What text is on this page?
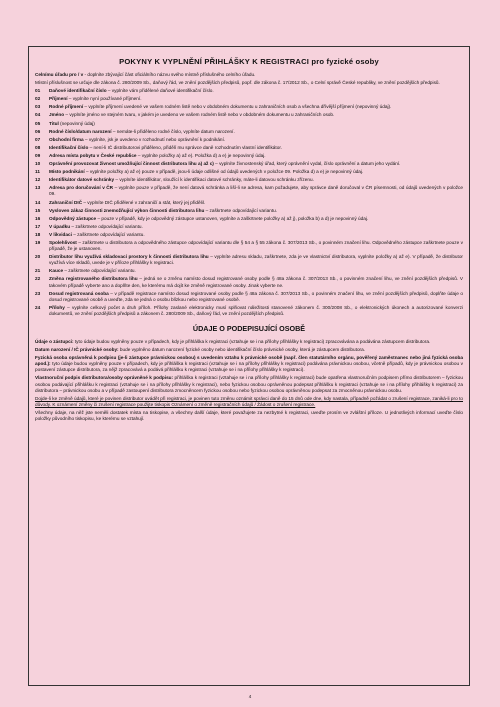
POKYNY K VYPLNĚNÍ PŘIHLÁŠKY K REGISTRACI pro fyzické osoby

Celnímu úřadu pro / v - doplníte zbývající část oficiálního názvu svého místně příslušného celního úřadu.

Místní příslušnost se určuje dle zákona č. 280/2009 Sb., daňový řád, ve znění pozdějších předpisů, popř. dle zákona č. 17/2012 Sb., o Celní správě České republiky, ve znění pozdějších předpisů.

01	Daňové identifikační číslo – vyplníte vám přidělené daňové identifikační číslo.
02	Příjmení – vyplníte nyní používané příjmení.
03	Rodné příjmení – vyplníte příjmení uvedené ve vašem rodném listě nebo v obdobném dokumentu u zahraničních osob a všechna dřívější příjmení (nepovinný údaj).
04	Jméno – vyplníte jméno ve stejném tvaru, v jakém je uvedeno ve vašem rodném listě nebo v obdobném dokumentu u zahraničních osob.
05	Titul (nepovinný údaj)
06	Rodné číslo/datum narození – nemáte-li přiděleno rodné číslo, vyplníte datum narození.
07	Obchodní firma – vyplníte, jsk je uvedeno v rozhodnutí nebo oprávnění k podnikání.
08	Identifikační číslo – není-li IČ distributorovi přiděleno, přidělí mu správce daně rozhodnutím vlastní identifikátor.
09	Adresa místa pobytu v České republice – vyplníte položky a) až e). Položka d) a e) je nepovinný údaj.
10	Oprávnění provozovat živnost umožňující činnost distributora lihu a) až c) – vyplníte živnostenský úřad, který oprávnění vydal, číslo oprávnění a datum jeho vydání.
11	Místo podnikání – vyplníte položky a) až e) pouze v případě, jsou-li údaje odlišné od údajů uvedených v položce 09. Položka d) a e) je nepovinný údaj.
12	Identifikátor datové schránky – vyplníte identifikátor, sloužící k identifikaci datové schránky, máte-li datovou schránku zřízenu.
13	Adresa pro doručování v ČR – vyplníte pouze v případě, že není datová schránka a liší-li se adresa, kam požadujete, aby správce daně doručoval v ČR písemnosti, od údajů uvedených v položce 09.
14	Zahraniční DIČ – vyplníte DIČ přidělené v zahraničí a stát, který jej přidělil.
15	Vysloven zákaz činnosti znemožňující výkon činnosti distributora lihu – zaškrtnete odpovídající variantu.
16	Odpovědný zástupce – pouze v případě, kdy je odpovědný zástupce ustanoven, vyplníte a zaškrtnete položky a) až j), položka b) a d) je nepovinný údaj.
17	V úpadku – zaškrtnete odpovídající variantu.
18	V likvidaci – zaškrtnete odpovídající variantu.
19	Spolehlivost – zaškrtnete u distributora a odpovědného zástupce odpovídající variantu dle § 54 a § 55 zákona č. 307/2013 Sb., o povinném značení lihu. Odpovědného zástupce zaškrtnete pouze v případě, že je ustanoven.
20	Distributor lihu využívá skladovací prostory k činnosti distributora lihu – vyplníte adresu skladu, zaškrtnete, zda je ve vlastnictví distributora, vyplníte položky a) až e). V případě, že distributor využívá více skladů, uvede je v příloze přihlášky k registraci.
21	Kauce – zaškrtnete odpovídající variantu.
22	Změna registrovaného distributora lihu – jedná se o změnu namísto dosud registrované osoby podle § 48a zákona č. 307/2013 Sb., o povinném značení lihu, ve znění pozdějších předpisů. V takovém případě vyberte ano a doplňte den, ke kterému má dojít ke změně registrované osoby. Jinak vyberte ne.
23	Dosud registrovaná osoba – v případě registrace namísto dosud registrované osoby podle § 48a zákona č. 307/2013 Sb., o povinném značení lihu, ve znění pozdějších předpisů, doplňte údaje o dosud registrované osobě a uveďte, zda se jedná o osobu blízkou nebo registrované osobě.
24	Přílohy – vyplníte celkový počet a druh příloh. Přílohy zaslané elektronicky musí splňovat náležitosti stanovené zákonem č. 300/2008 Sb., o elektronických úkonech a autorizované konverzi dokumentů, ve znění pozdějších předpisů a zákonem č. 280/2009 Sb., daňový řád, ve znění pozdějších předpisů.
ÚDAJE O PODEPISUJÍCÍ OSOBĚ

Údaje o zástupci: tyto údaje budou vyplněny pouze v případech, kdy je přihláška k registraci (vztahuje se i na přílohy přihlášky k registraci) zpracovávána a podávána zástupcem distributora.

Datum narození / IČ právnické osoby: bude vyplněno datum narození fyzické osoby nebo identifikační číslo právnické osoby, která je zástupcem distributora.

Fyzická osoba oprávněná k podpisu (je-li zástupce právnickou osobou) s uvedením vztahu k právnické osobě (např. člen statutárního orgánu, pověřený zaměstnanec nebo jiná fyzická osoba apod.): tyto údaje budou vyplněny pouze v případech, kdy je přihláška k registraci (vztahuje se i na přílohy přihlášky k registraci) podávána právnickou osobou, včetně případů, kdy je právnickou osobou v postavení zástupce distributora, za nějž zpracovává a podává přihlášku k registraci (vztahuje se i na přílohy přihlášky k registraci).

Vlastnoruční podpis distributora/osoby oprávněné k podpisu: přihláška k registraci (vztahuje se i na přílohy přihlášky k registraci) bude opatřena vlastnoručním podpisem přímo distributorem – fyzickou osobou podávající přihlášku k registraci (vztahuje se i na přílohy přihlášky k registraci), nebo fyzickou osobou oprávněnou podepsat přihlášku k registraci (vztahuje se i na přílohy přihlášky k registraci) za distributora – právnickou osobu a v případě zastoupení distributora zmocněncem fyzickou osobou nebo fyzickou osobou oprávněnou podepsat za zmocněnou právnickou osobu.

Dojde-li ke změně údajů, které je povinen distributor uvádět při registraci, je povinen tuto změnu oznámit správci daně do 15 dnů ode dne, kdy nastala, případně požádat o zrušení registrace, zaniká-li pro to důvody. K oznámení změny či zrušení registrace použijte tiskopis Oznámení o změně registračních údajů / Žádost o zrušení registrace.

Všechny údaje, na něž jste neměli dostatek místa na tiskopise, a všechny další údaje, které považujete za nezbytné k registraci, uveďte prosím ve zvláštní příloze. U jednotlivých informací uveďte číslo položky původního tiskopisu, ke kterému se vztahují.

4
